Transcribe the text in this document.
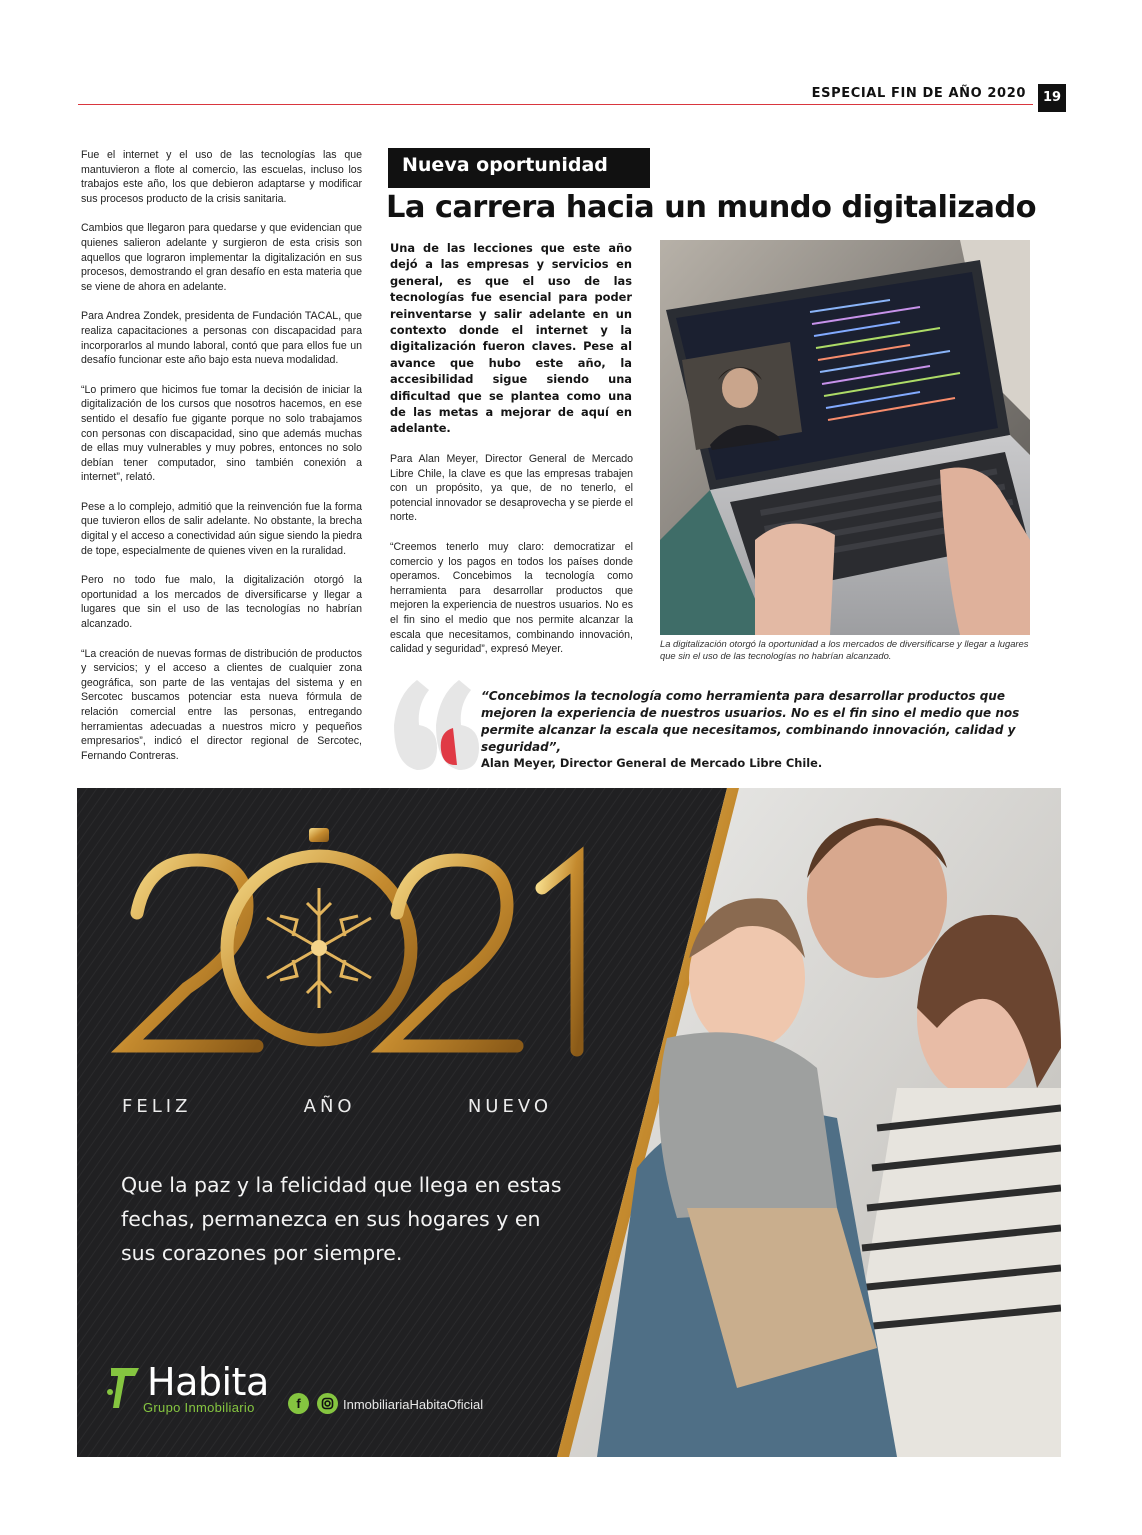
ESPECIAL FIN DE AÑO 2020	19

Fue el internet y el uso de las tecnologías las que mantuvieron a flote al comercio, las escuelas, incluso los trabajos este año, los que debieron adaptarse y modificar sus procesos producto de la crisis sanitaria.

Cambios que llegaron para quedarse y que evidencian que quienes salieron adelante y surgieron de esta crisis son aquellos que lograron implementar la digitalización en sus procesos, demostrando el gran desafío en esta materia que se viene de ahora en adelante.

Para Andrea Zondek, presidenta de Fundación TACAL, que realiza capacitaciones a personas con discapacidad para incorporarlos al mundo laboral, contó que para ellos fue un desafío funcionar este año bajo esta nueva modalidad.

“Lo primero que hicimos fue tomar la decisión de iniciar la digitalización de los cursos que nosotros hacemos, en ese sentido el desafío fue gigante porque no solo trabajamos con personas con discapacidad, sino que además muchas de ellas muy vulnerables y muy pobres, entonces no solo debían tener computador, sino también conexión a internet”, relató.

Pese a lo complejo, admitió que la reinvención fue la forma que tuvieron ellos de salir adelante. No obstante, la brecha digital y el acceso a conectividad aún sigue siendo la piedra de tope, especialmente de quienes viven en la ruralidad.

Pero no todo fue malo, la digitalización otorgó la oportunidad a los mercados de diversificarse y llegar a lugares que sin el uso de las tecnologías no habrían alcanzado.

“La creación de nuevas formas de distribución de productos y servicios; y el acceso a clientes de cualquier zona geográfica, son parte de las ventajas del sistema y en Sercotec buscamos potenciar esta nueva fórmula de relación comercial entre las personas, entregando herramientas adecuadas a nuestros micro y pequeños empresarios”, indicó el director regional de Sercotec, Fernando Contreras.

Nueva oportunidad
La carrera hacia un mundo digitalizado
Una de las lecciones que este año dejó a las empresas y servicios en general, es que el uso de las tecnologías fue esencial para poder reinventarse y salir adelante en un contexto donde el internet y la digitalización fueron claves. Pese al avance que hubo este año, la accesibilidad sigue siendo una dificultad que se plantea como una de las metas a mejorar de aquí en adelante.

Para Alan Meyer, Director General de Mercado Libre Chile, la clave es que las empresas trabajen con un propósito, ya que, de no tenerlo, el potencial innovador se desaprovecha y se pierde el norte.

“Creemos tenerlo muy claro: democratizar el comercio y los pagos en todos los países donde operamos. Concebimos la tecnología como herramienta para desarrollar productos que mejoren la experiencia de nuestros usuarios. No es el fin sino el medio que nos permite alcanzar la escala que necesitamos, combinando innovación, calidad y seguridad”, expresó Meyer.	La digitalización otorgó la oportunidad a los mercados de diversificarse y llegar a lugares que sin el uso de las tecnologías no habrían alcanzado.
“Concebimos la tecnología como herramienta para desarrollar productos que mejoren la experiencia de nuestros usuarios. No es el fin sino el medio que nos permite alcanzar la escala que necesitamos, combinando innovación, calidad y seguridad”,
Alan Meyer, Director General de Mercado Libre Chile.
FELIZ AÑO NUEVO
Que la paz y la felicidad que llega en estas fechas, permanezca en sus hogares y en sus corazones por siempre.
Habita
Grupo Inmobiliario	f	InmobiliariaHabitaOficial
